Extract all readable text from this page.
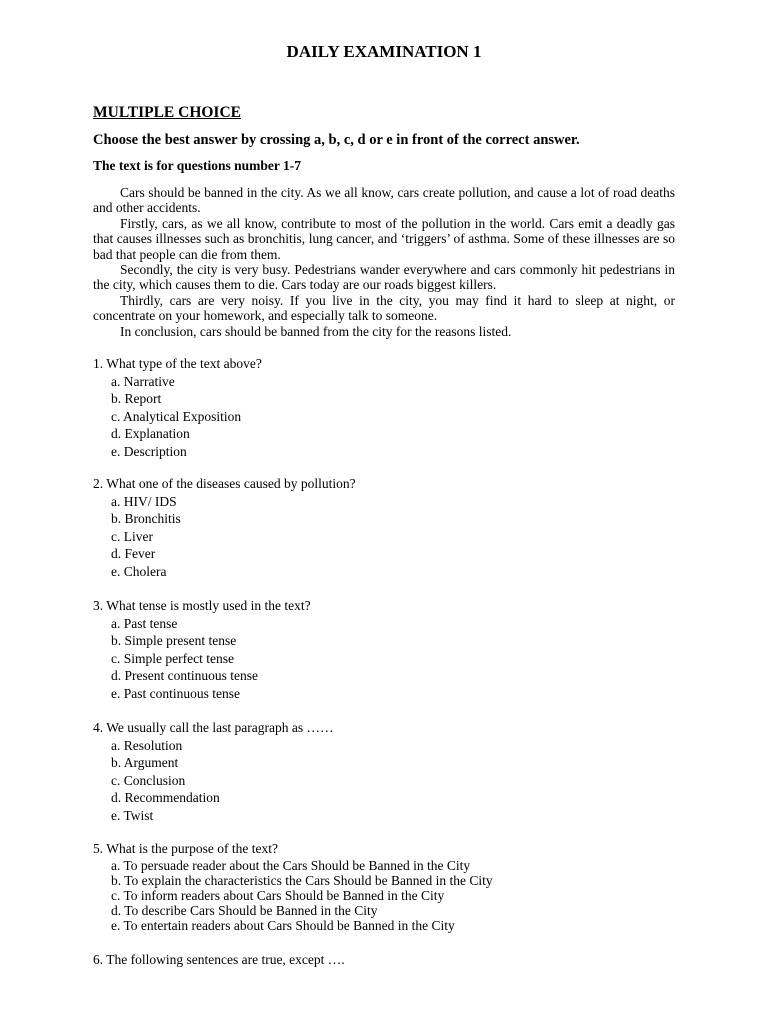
DAILY EXAMINATION 1
MULTIPLE CHOICE
Choose the best answer by crossing a, b, c, d or e in front of the correct answer.
The text is for questions number 1-7

Cars should be banned in the city. As we all know, cars create pollution, and cause a lot of road deaths and other accidents.

Firstly, cars, as we all know, contribute to most of the pollution in the world. Cars emit a deadly gas that causes illnesses such as bronchitis, lung cancer, and ‘triggers’ of asthma. Some of these illnesses are so bad that people can die from them.

Secondly, the city is very busy. Pedestrians wander everywhere and cars commonly hit pedestrians in the city, which causes them to die. Cars today are our roads biggest killers.

Thirdly, cars are very noisy. If you live in the city, you may find it hard to sleep at night, or concentrate on your homework, and especially talk to someone.

In conclusion, cars should be banned from the city for the reasons listed.

1. What type of the text above?

a. Narrative

b. Report

c. Analytical Exposition

d. Explanation

e. Description

2. What one of the diseases caused by pollution?

a. HIV/ IDS

b. Bronchitis

c. Liver

d. Fever

e. Cholera

3. What tense is mostly used in the text?

a. Past tense

b. Simple present tense

c. Simple perfect tense

d. Present continuous tense

e. Past continuous tense

4. We usually call the last paragraph as ……

a. Resolution

b. Argument

c. Conclusion

d. Recommendation

e. Twist

5. What is the purpose of the text?

a. To persuade reader about the Cars Should be Banned in the City

b. To explain the characteristics the Cars Should be Banned in the City

c. To inform readers about Cars Should be Banned in the City

d. To describe Cars Should be Banned in the City

e. To entertain readers about Cars Should be Banned in the City

6. The following sentences are true, except ….
